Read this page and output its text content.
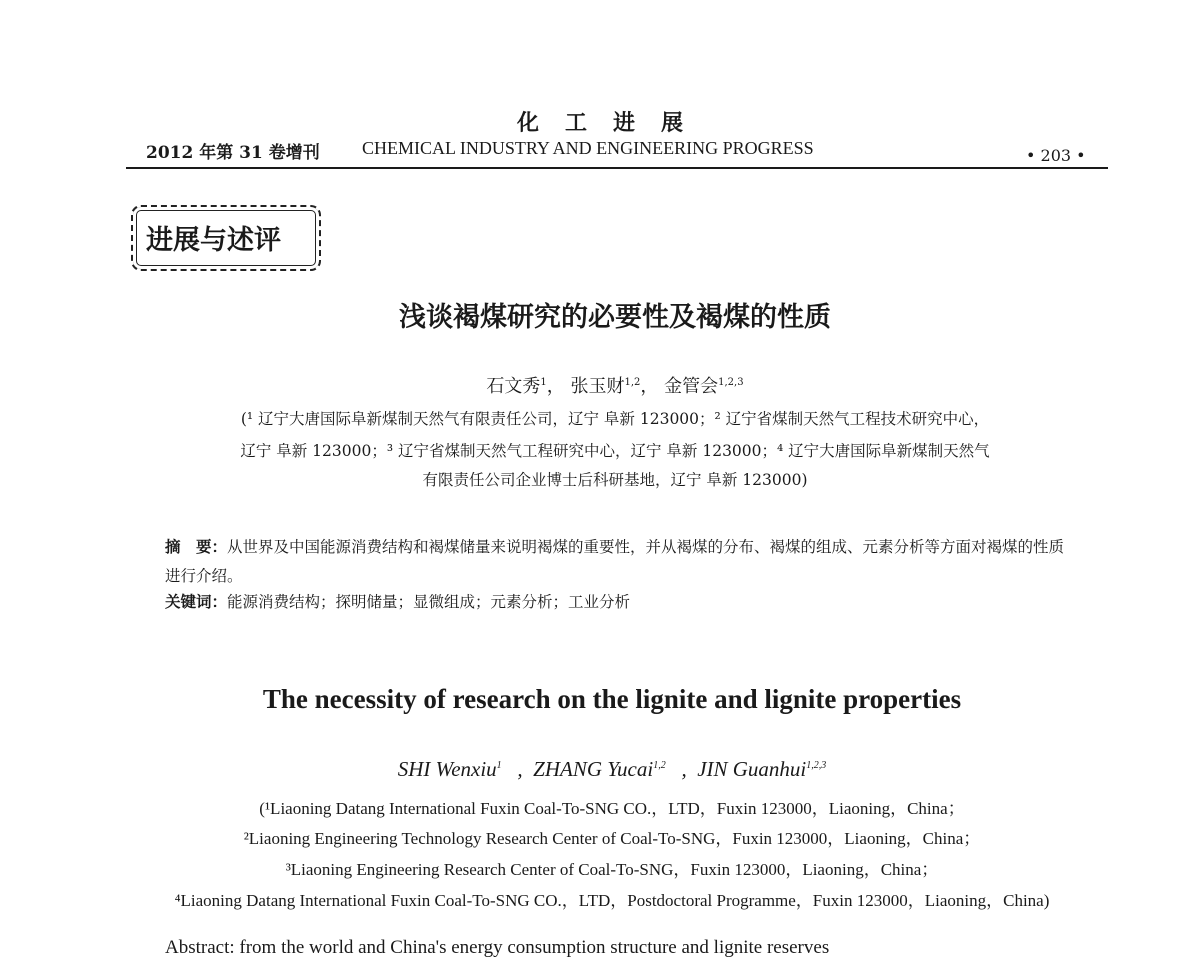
化工进展
2012 年第 31 卷增刊 CHEMICAL INDUSTRY AND ENGINEERING PROGRESS	• 203 •
进展与述评
浅谈褐煤研究的必要性及褐煤的性质
石文秀$^1$， 张玉财$^{1,2}$， 金管会$^{1,2,3}$
(¹ 辽宁大唐国际阜新煤制天然气有限责任公司，辽宁 阜新 123000；² 辽宁省煤制天然气工程技术研究中心，
辽宁 阜新 123000；³ 辽宁省煤制天然气工程研究中心，辽宁 阜新 123000；⁴ 辽宁大唐国际阜新煤制天然气
有限责任公司企业博士后科研基地，辽宁 阜新 123000)
摘　要：从世界及中国能源消费结构和褐煤储量来说明褐煤的重要性，并从褐煤的分布、褐煤的组成、元素分析等方面对褐煤的性质进行介绍。
关键词：能源消费结构；探明储量；显微组成；元素分析；工业分析
The necessity of research on the lignite and lignite properties
SHI Wenxiu$^1$   ,  ZHANG Yucai$^{1,2}$   ,  JIN Guanhui$^{1,2,3}$
(¹Liaoning Datang International Fuxin Coal-To-SNG CO.，LTD，Fuxin 123000，Liaoning，China；
²Liaoning Engineering Technology Research Center of Coal-To-SNG，Fuxin 123000，Liaoning，China；
³Liaoning Engineering Research Center of Coal-To-SNG，Fuxin 123000，Liaoning，China；
⁴Liaoning Datang International Fuxin Coal-To-SNG CO.，LTD，Postdoctoral Programme，Fuxin 123000，Liaoning，China)
Abstract: from the world and China's energy consumption structure and lignite reserves
